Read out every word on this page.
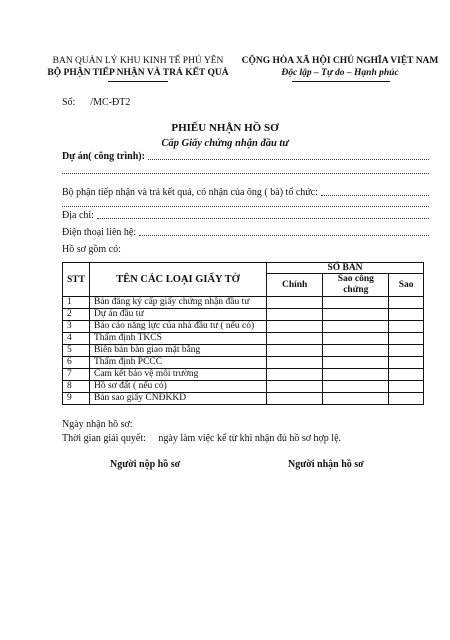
BAN QUẢN LÝ KHU KINH TẾ PHÚ YÊN
BỘ PHẬN TIẾP NHẬN VÀ TRẢ KẾT QUẢ
CỘNG HÒA XÃ HỘI CHỦ NGHĨA VIỆT NAM
Độc lập – Tự do – Hạnh phúc
Số:      /MC-ĐT2
PHIẾU NHẬN HỒ SƠ
Cấp Giấy chứng nhận đầu tư
Dự án( công trình):
Bộ phận tiếp nhận và trả kết quả, có nhận của ông ( bà) tổ chức:
Địa chỉ:
Điện thoại liên hệ:
Hồ sơ gồm có:
STT	TÊN CÁC LOẠI GIẤY TỜ	SỐ BẢN		
		Chính	Sao công chứng	Sao
1	Bản đăng ký cấp giấy chứng nhận đầu tư			
2	Dự án đầu tư			
3	Báo cáo năng lực của nhà đầu tư ( nếu có)			
4	Thẩm định TKCS			
5	Biên bản bàn giao mặt bằng			
6	Thẩm định PCCC			
7	Cam kết bảo vệ môi trường			
8	Hồ sơ đất ( nếu có)			
9	Bản sao giấy CNĐKKD			
Ngày nhận hồ sơ:
Thời gian giải quyết:     ngày làm việc kể từ khi nhận đủ hồ sơ hợp lệ.
Người nộp hồ sơ	Người nhận hồ sơ
